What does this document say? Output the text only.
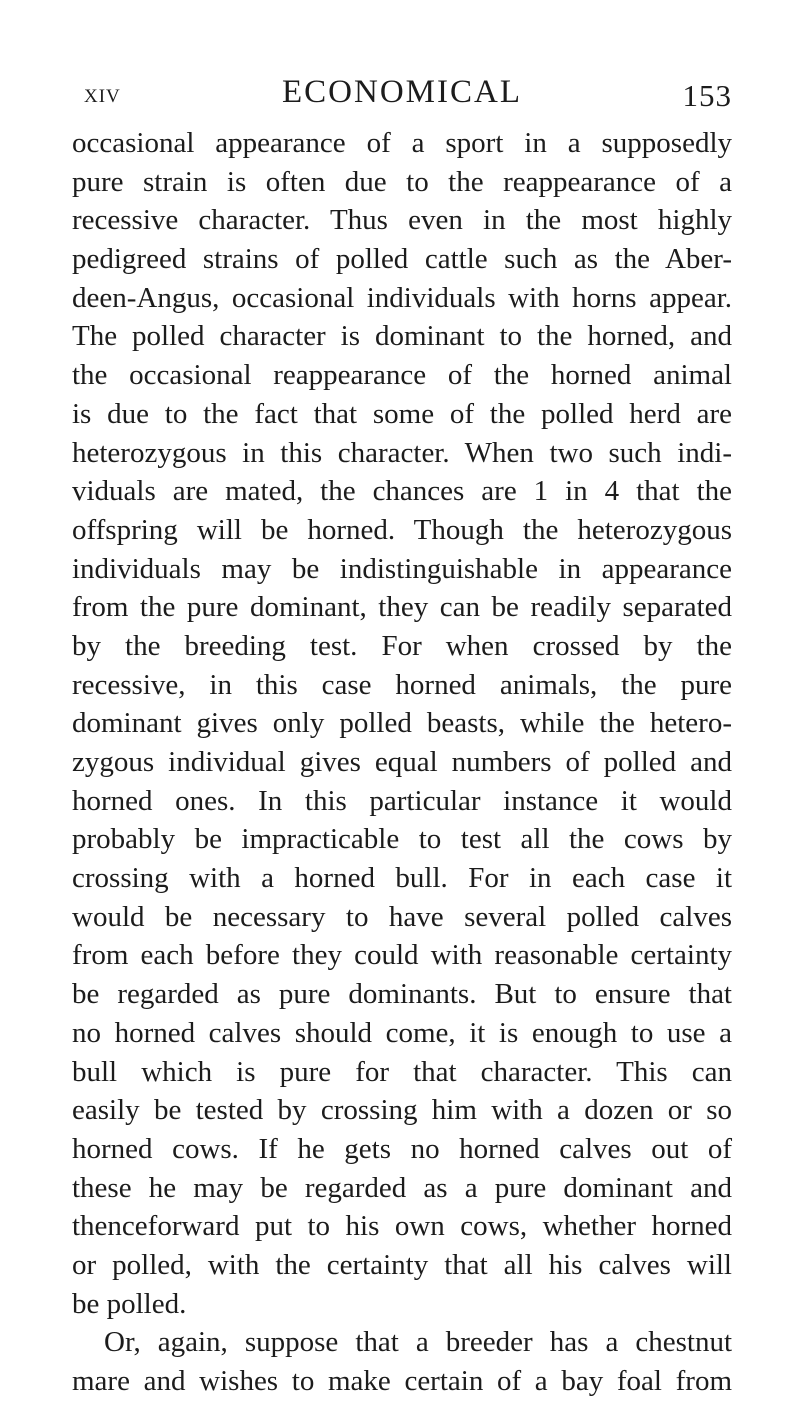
XIV	ECONOMICAL	153
occasional appearance of a sport in a supposedly
pure strain is often due to the reappearance of a
recessive character. Thus even in the most highly
pedigreed strains of polled cattle such as the Aber-
deen-Angus, occasional individuals with horns appear.
The polled character is dominant to the horned, and
the occasional reappearance of the horned animal
is due to the fact that some of the polled herd are
heterozygous in this character. When two such indi-
viduals are mated, the chances are 1 in 4 that the
offspring will be horned. Though the heterozygous
individuals may be indistinguishable in appearance
from the pure dominant, they can be readily separated
by the breeding test. For when crossed by the
recessive, in this case horned animals, the pure
dominant gives only polled beasts, while the hetero-
zygous individual gives equal numbers of polled and
horned ones. In this particular instance it would
probably be impracticable to test all the cows by
crossing with a horned bull. For in each case it
would be necessary to have several polled calves
from each before they could with reasonable certainty
be regarded as pure dominants. But to ensure that
no horned calves should come, it is enough to use a
bull which is pure for that character. This can
easily be tested by crossing him with a dozen or so
horned cows. If he gets no horned calves out of
these he may be regarded as a pure dominant and
thenceforward put to his own cows, whether horned
or polled, with the certainty that all his calves will
be polled.
Or, again, suppose that a breeder has a chestnut
mare and wishes to make certain of a bay foal from
